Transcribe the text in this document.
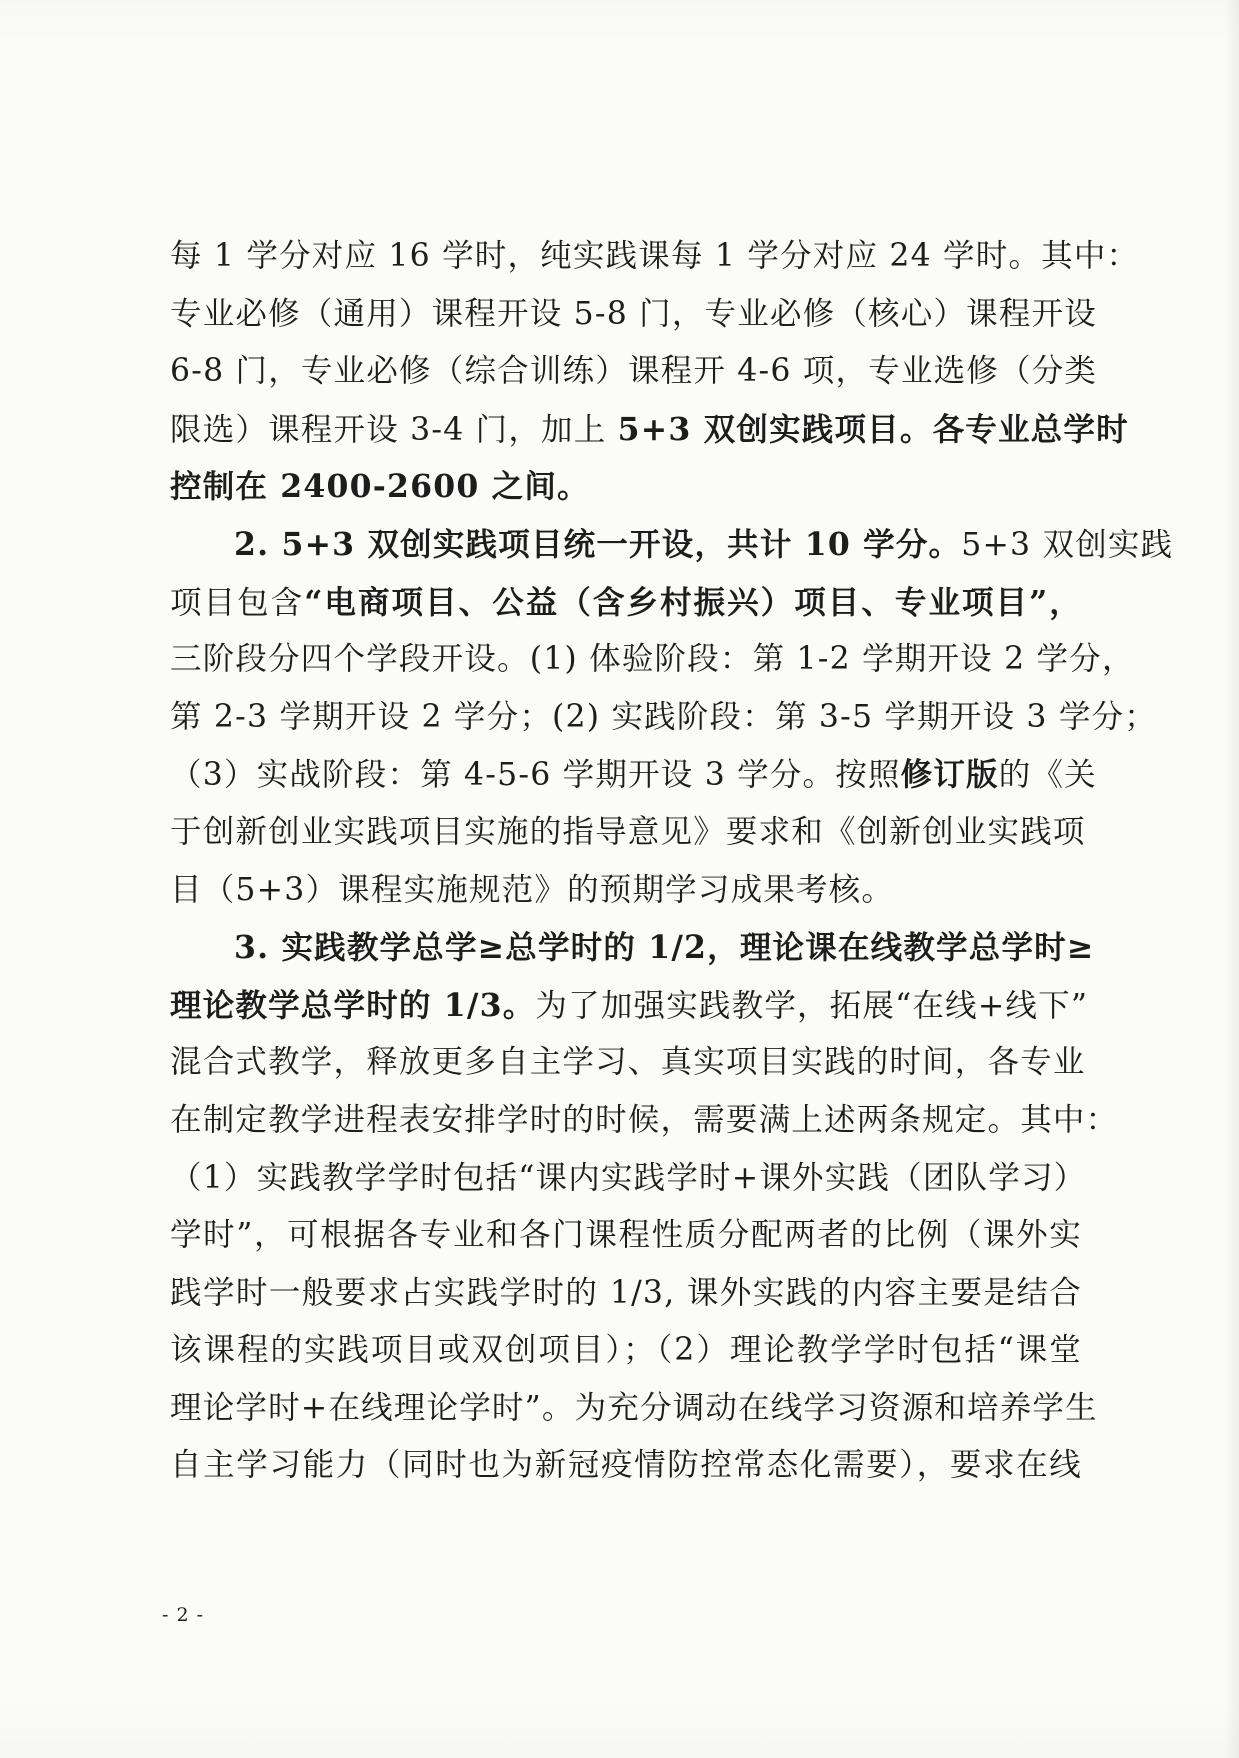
每 1 学分对应 16 学时，纯实践课每 1 学分对应 24 学时。其中：
专业必修（通用）课程开设 5-8 门，专业必修（核心）课程开设
6-8 门，专业必修（综合训练）课程开 4-6 项，专业选修（分类
限选）课程开设 3-4 门，加上 5+3 双创实践项目。各专业总学时
控制在 2400-2600 之间。
2. 5+3 双创实践项目统一开设，共计 10 学分。5+3 双创实践
项目包含“电商项目、公益（含乡村振兴）项目、专业项目”，
三阶段分四个学段开设。(1) 体验阶段：第 1-2 学期开设 2 学分，
第 2-3 学期开设 2 学分；(2) 实践阶段：第 3-5 学期开设 3 学分；
（3）实战阶段：第 4-5-6 学期开设 3 学分。按照修订版的《关
于创新创业实践项目实施的指导意见》要求和《创新创业实践项
目（5+3）课程实施规范》的预期学习成果考核。
3. 实践教学总学≥总学时的 1/2，理论课在线教学总学时≥
理论教学总学时的 1/3。为了加强实践教学，拓展“在线+线下”
混合式教学，释放更多自主学习、真实项目实践的时间，各专业
在制定教学进程表安排学时的时候，需要满上述两条规定。其中：
（1）实践教学学时包括“课内实践学时+课外实践（团队学习）
学时”，可根据各专业和各门课程性质分配两者的比例（课外实
践学时一般要求占实践学时的 1/3, 课外实践的内容主要是结合
该课程的实践项目或双创项目）；（2）理论教学学时包括“课堂
理论学时+在线理论学时”。为充分调动在线学习资源和培养学生
自主学习能力（同时也为新冠疫情防控常态化需要），要求在线
- 2 -
